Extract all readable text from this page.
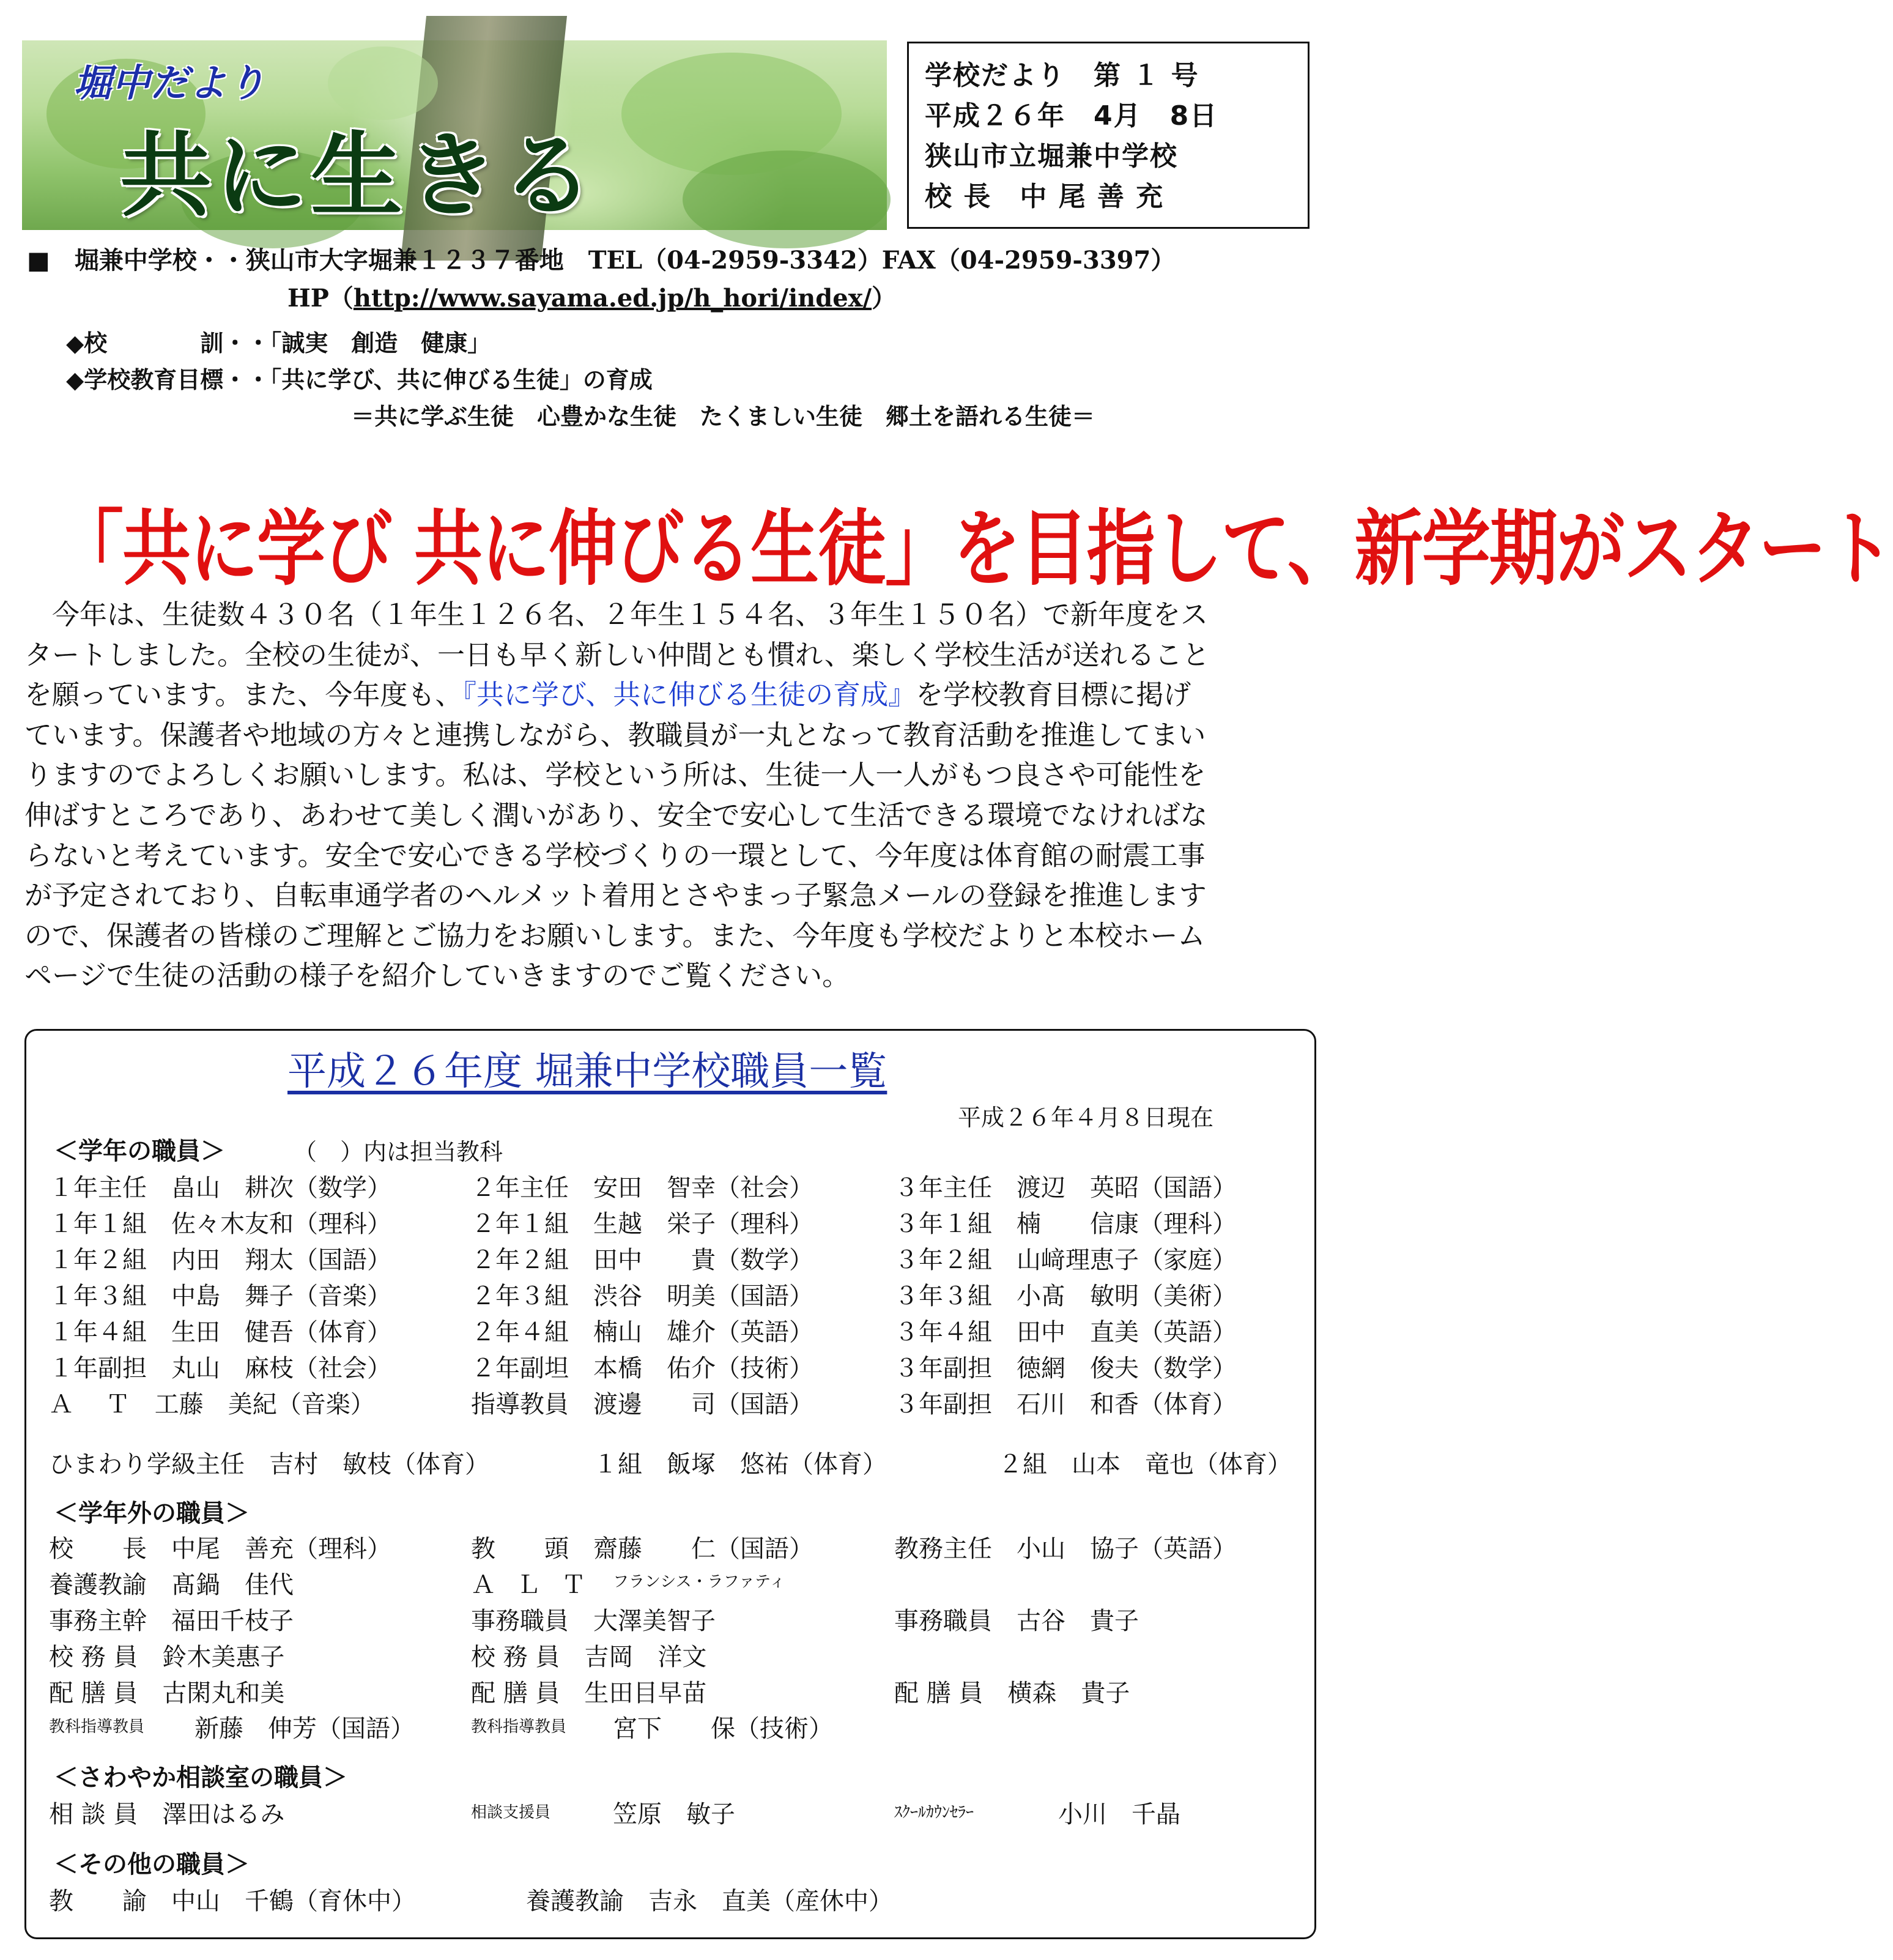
堀中だより
共に生きる
学校だより　第 １ 号
平成２６年　4月　8日
狭山市立堀兼中学校
校 長　中 尾 善 充
■　堀兼中学校・・狭山市大字堀兼１２３７番地　TEL（04-2959-3342）FAX（04-2959-3397）
HP（http://www.sayama.ed.jp/h_hori/index/）
◆校　　　　訓・・「誠実　創造　健康」
◆学校教育目標・・「共に学び、共に伸びる生徒」の育成
＝共に学ぶ生徒　心豊かな生徒　たくましい生徒　郷土を語れる生徒＝
「共に学び 共に伸びる生徒」を目指して、新学期がスタート
　今年は、生徒数４３０名（１年生１２６名、２年生１５４名、３年生１５０名）で新年度をス
タートしました。全校の生徒が、一日も早く新しい仲間とも慣れ、楽しく学校生活が送れること
を願っています。また、今年度も、『共に学び、共に伸びる生徒の育成』を学校教育目標に掲げ
ています。保護者や地域の方々と連携しながら、教職員が一丸となって教育活動を推進してまい
りますのでよろしくお願いします。私は、学校という所は、生徒一人一人がもつ良さや可能性を
伸ばすところであり、あわせて美しく潤いがあり、安全で安心して生活できる環境でなければな
らないと考えています。安全で安心できる学校づくりの一環として、今年度は体育館の耐震工事
が予定されており、自転車通学者のヘルメット着用とさやまっ子緊急メールの登録を推進します
ので、保護者の皆様のご理解とご協力をお願いします。また、今年度も学校だよりと本校ホーム
ページで生徒の活動の様子を紹介していきますのでご覧ください。
平成２６年度 堀兼中学校職員一覧
平成２６年４月８日現在
＜学年の職員＞	（　）内は担当教科
１年主任　畠山　耕次（数学）	２年主任　安田　智幸（社会）	３年主任　渡辺　英昭（国語）
１年１組　佐々木友和（理科）	２年１組　生越　栄子（理科）	３年１組　楠　　信康（理科）
１年２組　内田　翔太（国語）	２年２組　田中　　貴（数学）	３年２組　山﨑理恵子（家庭）
１年３組　中島　舞子（音楽）	２年３組　渋谷　明美（国語）	３年３組　小髙　敏明（美術）
１年４組　生田　健吾（体育）	２年４組　楠山　雄介（英語）	３年４組　田中　直美（英語）
１年副担　丸山　麻枝（社会）	２年副坦　本橋　佑介（技術）	３年副担　徳網　俊夫（数学）
Ａ　 Ｔ　工藤　美紀（音楽）	指導教員　渡邊　　司（国語）	３年副担　石川　和香（体育）
ひまわり学級主任　吉村　敏枝（体育）	１組　飯塚　悠祐（体育）	２組　山本　竜也（体育）
＜学年外の職員＞
校　　長　中尾　善充（理科）	教　　頭　齋藤　　仁（国語）	教務主任　小山　協子（英語）
養護教諭　髙鍋　佳代	ＡＬＴ フランシス・ラファティ
事務主幹　福田千枝子	事務職員　大澤美智子	事務職員　古谷　貴子
校 務 員　鈴木美惠子	校 務 員　吉岡　洋文
配 膳 員　古閑丸和美	配 膳 員　生田目早苗	配 膳 員　横森　貴子
教科指導教員 新藤　伸芳（国語）	教科指導教員 宮下　　保（技術）
＜さわやか相談室の職員＞
相 談 員　澤田はるみ	相談支援員	笠原　敏子	ｽｸｰﾙｶｳﾝｾﾗｰ	小川　千晶
＜その他の職員＞
教　　諭　中山　千鶴（育休中）	養護教諭　吉永　直美（産休中）
